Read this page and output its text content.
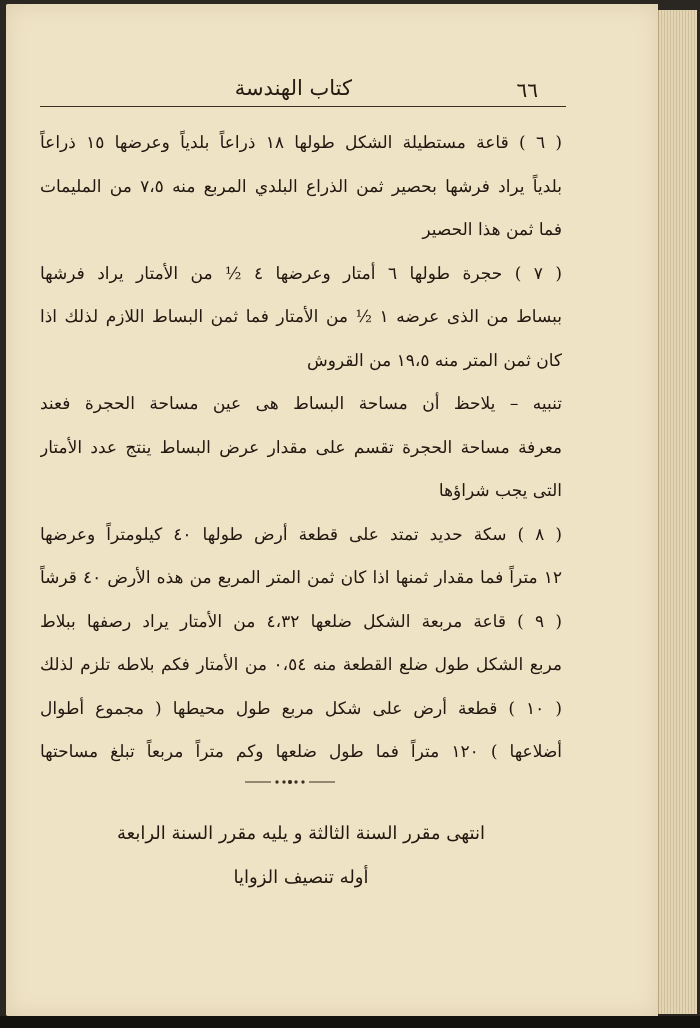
٦٦
كتاب الهندسة
( ٦ ) قاعة مستطيلة الشكل طولها ١٨ ذراعاً بلدياً وعرضها ١٥ ذراعاً
بلدياً يراد فرشها بحصير ثمن الذراع البلدي المربع منه ٧،٥ من المليمات
فما ثمن هذا الحصير
( ٧ ) حجرة طولها ٦ أمتار وعرضها ٤ ½ من الأمتار يراد فرشها
ببساط من الذى عرضه ١ ½ من الأمتار فما ثمن البساط اللازم لذلك اذا
كان ثمن المتر منه ١٩،٥ من القروش
تنبيه – يلاحظ أن مساحة البساط هى عين مساحة الحجرة فعند
معرفة مساحة الحجرة تقسم على مقدار عرض البساط ينتج عدد الأمتار
التى يجب شراؤها
( ٨ ) سكة حديد تمتد على قطعة أرض طولها ٤٠ كيلومتراً وعرضها
١٢ متراً فما مقدار ثمنها اذا كان ثمن المتر المربع من هذه الأرض ٤٠ قرشاً
( ٩ ) قاعة مربعة الشكل ضلعها ٤،٣٢ من الأمتار يراد رصفها ببلاط
مربع الشكل طول ضلع القطعة منه ٠،٥٤ من الأمتار فكم بلاطه تلزم لذلك
( ١٠ ) قطعة أرض على شكل مربع طول محيطها ( مجموع أطوال
أضلاعها ) ١٢٠ متراً فما طول ضلعها وكم متراً مربعاً تبلغ مساحتها
انتهى مقرر السنة الثالثة و يليه مقرر السنة الرابعة
أوله تنصيف الزوايا
